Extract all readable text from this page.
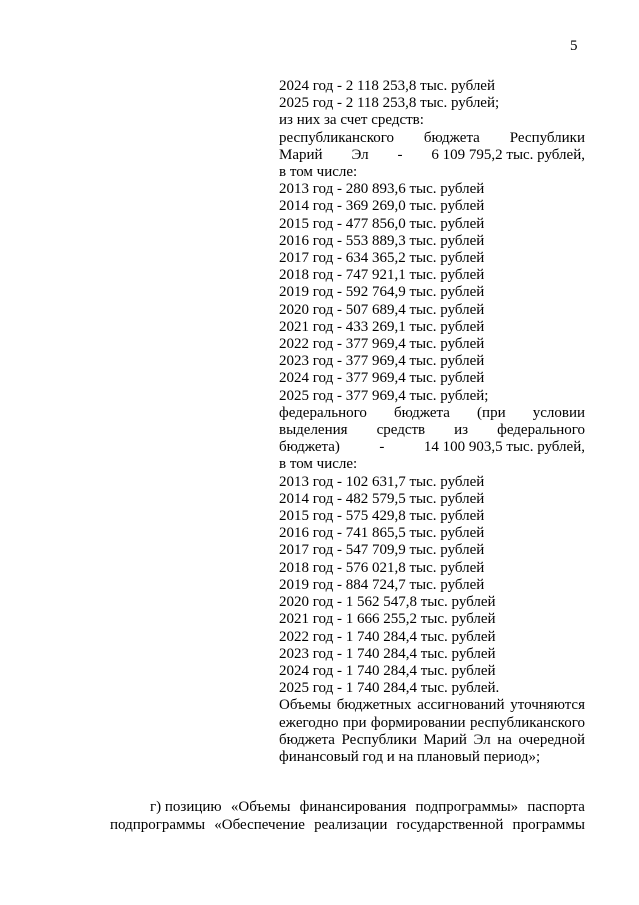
5
2024 год - 2 118 253,8 тыс. рублей
2025 год - 2 118 253,8 тыс. рублей;
из них за счет средств:
республиканского бюджета Республики
Марий Эл - 6 109 795,2 тыс. рублей,
в том числе:
2013 год - 280 893,6 тыс. рублей
2014 год - 369 269,0 тыс. рублей
2015 год - 477 856,0 тыс. рублей
2016 год - 553 889,3 тыс. рублей
2017 год - 634 365,2 тыс. рублей
2018 год - 747 921,1 тыс. рублей
2019 год - 592 764,9 тыс. рублей
2020 год - 507 689,4 тыс. рублей
2021 год - 433 269,1 тыс. рублей
2022 год - 377 969,4 тыс. рублей
2023 год - 377 969,4 тыс. рублей
2024 год - 377 969,4 тыс. рублей
2025 год - 377 969,4 тыс. рублей;
федерального бюджета (при условии
выделения средств из федерального
бюджета)	-	14 100 903,5 тыс. рублей,
в том числе:
2013 год - 102 631,7 тыс. рублей
2014 год - 482 579,5 тыс. рублей
2015 год - 575 429,8 тыс. рублей
2016 год - 741 865,5 тыс. рублей
2017 год - 547 709,9 тыс. рублей
2018 год - 576 021,8 тыс. рублей
2019 год - 884 724,7 тыс. рублей
2020 год - 1 562 547,8 тыс. рублей
2021 год - 1 666 255,2 тыс. рублей
2022 год - 1 740 284,4 тыс. рублей
2023 год - 1 740 284,4 тыс. рублей
2024 год - 1 740 284,4 тыс. рублей
2025 год - 1 740 284,4 тыс. рублей.
Объемы бюджетных ассигнований уточняются
ежегодно при формировании республиканского
бюджета Республики Марий Эл на очередной
финансовый год и на плановый период»;
г) позицию «Объемы финансирования подпрограммы» паспорта
подпрограммы «Обеспечение реализации государственной программы
